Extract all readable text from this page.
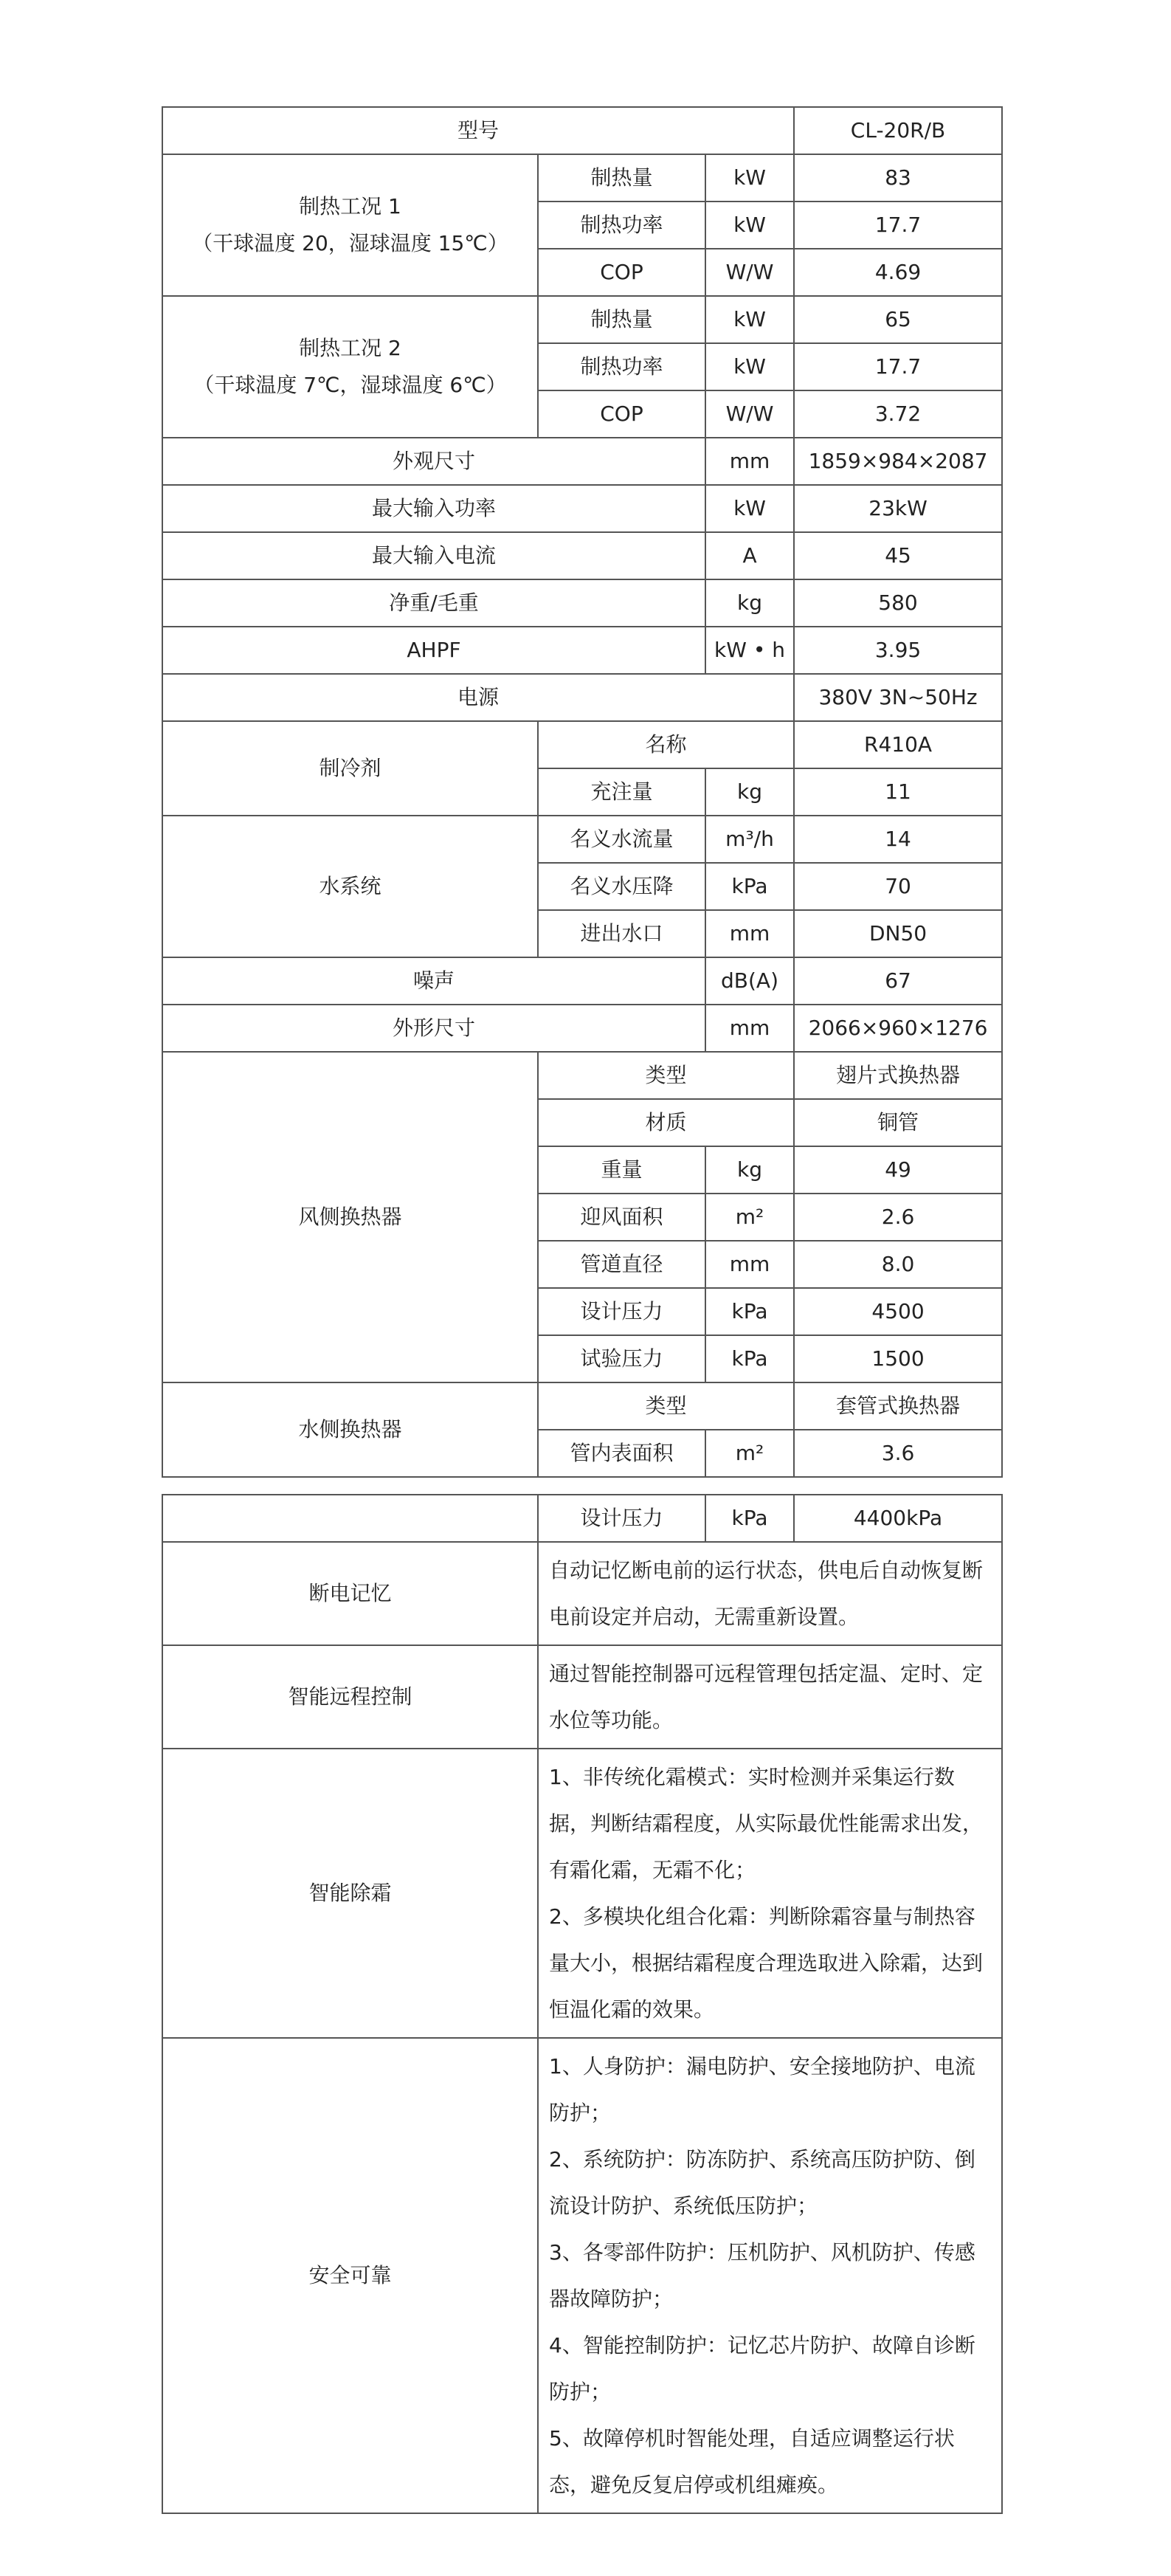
型号			CL-20R/B

制热工况 1
（干球温度 20，湿球温度 15℃）	制热量	kW	83
	制热功率	kW	17.7
	COP	W/W	4.69

制热工况 2
（干球温度 7℃，湿球温度 6℃）	制热量	kW	65
	制热功率	kW	17.7
	COP	W/W	3.72
外观尺寸		mm	1859×984×2087
最大输入功率		kW	23kW
最大输入电流		A	45
净重/毛重		kg	580
AHPF		kW • h	3.95
电源			380V 3N~50Hz
制冷剂	名称		R410A
	充注量	kg	11
水系统	名义水流量	m³/h	14
	名义水压降	kPa	70
	进出水口	mm	DN50
噪声		dB(A)	67
外形尺寸		mm	2066×960×1276
风侧换热器	类型		翅片式换热器
	材质		铜管
	重量	kg	49
	迎风面积	m²	2.6
	管道直径	mm	8.0
	设计压力	kPa	4500
	试验压力	kPa	1500
水侧换热器	类型		套管式换热器
	管内表面积	m²	3.6
	设计压力	kPa	4400kPa
断电记忆	自动记忆断电前的运行状态，供电后自动恢复断电前设定并启动，无需重新设置。		

智能远程控制	通过智能控制器可远程管理包括定温、定时、定水位等功能。		

智能除霜	1、非传统化霜模式：实时检测并采集运行数据，判断结霜程度，从实际最优性能需求出发，有霜化霜，无霜不化；

2、多模块化组合化霜：判断除霜容量与制热容量大小，根据结霜程度合理选取进入除霜，达到恒温化霜的效果。		

安全可靠	1、人身防护：漏电防护、安全接地防护、电流防护；

2、系统防护：防冻防护、系统高压防护防、倒流设计防护、系统低压防护；

3、各零部件防护：压机防护、风机防护、传感器故障防护；

4、智能控制防护：记忆芯片防护、故障自诊断防护；

5、故障停机时智能处理，自适应调整运行状态，避免反复启停或机组瘫痪。		
